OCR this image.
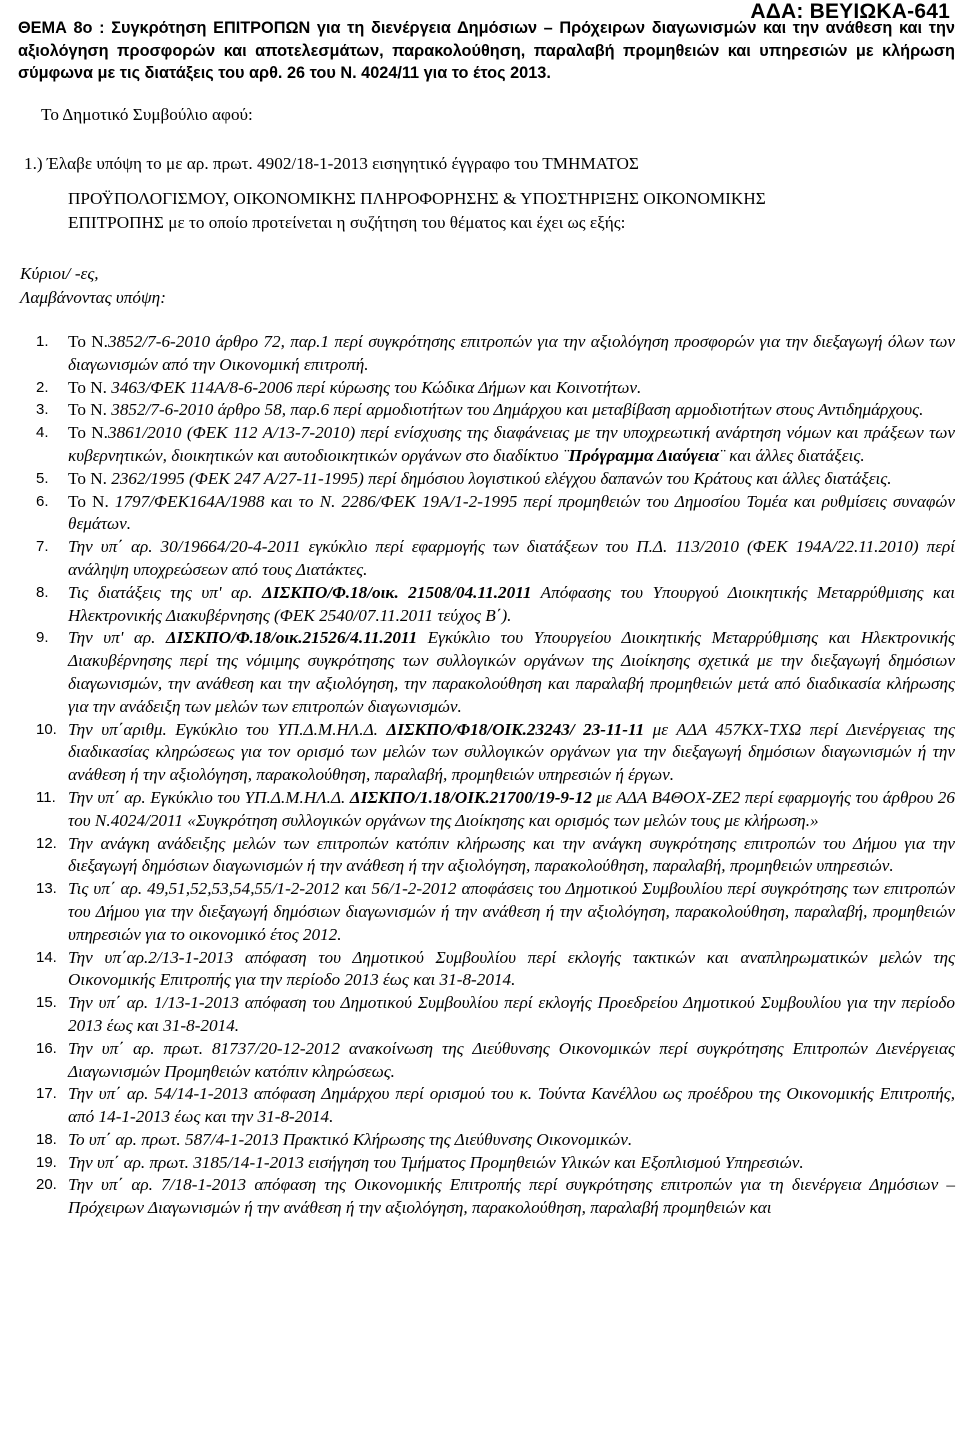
ΑΔΑ: ΒΕΥΙΩΚΑ-641
ΘΕΜΑ 8ο : Συγκρότηση ΕΠΙΤΡΟΠΩΝ για τη διενέργεια Δημόσιων – Πρόχειρων διαγωνισμών και την ανάθεση και την αξιολόγηση προσφορών και αποτελεσμάτων, παρακολούθηση, παραλαβή προμηθειών και υπηρεσιών με κλήρωση σύμφωνα με τις διατάξεις του αρθ. 26 του Ν. 4024/11 για το έτος 2013.
Το Δημοτικό Συμβούλιο αφού:
1.) Έλαβε υπόψη το με αρ. πρωτ. 4902/18-1-2013 εισηγητικό έγγραφο του ΤΜΗΜΑΤΟΣ

ΠΡΟΫΠΟΛΟΓΙΣΜΟΥ, ΟΙΚΟΝΟΜΙΚΗΣ ΠΛΗΡΟΦΟΡΗΣΗΣ & ΥΠΟΣΤΗΡΙΞΗΣ ΟΙΚΟΝΟΜΙΚΗΣ

ΕΠΙΤΡΟΠΗΣ με το οποίο προτείνεται η συζήτηση του θέματος και έχει ως εξής:

Κύριοι/ -ες,
Λαμβάνοντας υπόψη:
1. Το Ν.3852/7-6-2010 άρθρο 72, παρ.1 περί συγκρότησης επιτροπών για την αξιολόγηση προσφορών για την διεξαγωγή όλων των διαγωνισμών από την Οικονομική επιτροπή.
2. Το Ν. 3463/ΦΕΚ 114Α/8-6-2006 περί κύρωσης του Κώδικα Δήμων και Κοινοτήτων.
3. Το Ν. 3852/7-6-2010 άρθρο 58, παρ.6 περί αρμοδιοτήτων του Δημάρχου και μεταβίβαση αρμοδιοτήτων στους Αντιδημάρχους.
4. Το Ν.3861/2010 (ΦΕΚ 112 Α/13-7-2010) περί ενίσχυσης της διαφάνειας με την υποχρεωτική ανάρτηση νόμων και πράξεων των κυβερνητικών, διοικητικών και αυτοδιοικητικών οργάνων στο διαδίκτυο ¨Πρόγραμμα Διαύγεια¨ και άλλες διατάξεις.
5. Το Ν. 2362/1995 (ΦΕΚ 247 Α/27-11-1995) περί δημόσιου λογιστικού ελέγχου δαπανών του Κράτους και άλλες διατάξεις.
6. Το Ν. 1797/ΦΕΚ164Α/1988 και το Ν. 2286/ΦΕΚ 19Α/1-2-1995 περί προμηθειών του Δημοσίου Τομέα και ρυθμίσεις συναφών θεμάτων.
7. Την υπ΄ αρ. 30/19664/20-4-2011 εγκύκλιο περί εφαρμογής των διατάξεων του Π.Δ. 113/2010 (ΦΕΚ 194Α/22.11.2010) περί ανάληψη υποχρεώσεων από τους Διατάκτες.
8. Τις διατάξεις της υπ' αρ. ΔΙΣΚΠΟ/Φ.18/οικ. 21508/04.11.2011 Απόφασης του Υπουργού Διοικητικής Μεταρρύθμισης και Ηλεκτρονικής Διακυβέρνησης (ΦΕΚ 2540/07.11.2011 τεύχος Β΄).
9. Την υπ' αρ. ΔΙΣΚΠΟ/Φ.18/οικ.21526/4.11.2011 Εγκύκλιο του Υπουργείου Διοικητικής Μεταρρύθμισης και Ηλεκτρονικής Διακυβέρνησης περί της νόμιμης συγκρότησης των συλλογικών οργάνων της Διοίκησης σχετικά με την διεξαγωγή δημόσιων διαγωνισμών, την ανάθεση και την αξιολόγηση, την παρακολούθηση και παραλαβή προμηθειών μετά από διαδικασία κλήρωσης για την ανάδειξη των μελών των επιτροπών διαγωνισμών.
10. Την υπ΄αριθμ. Εγκύκλιο του ΥΠ.Δ.Μ.ΗΛ.Δ. ΔΙΣΚΠΟ/Φ18/ΟΙΚ.23243/ 23-11-11 με ΑΔΑ 457ΚΧ-ΤΧΩ περί Διενέργειας της διαδικασίας κληρώσεως για τον ορισμό των μελών των συλλογικών οργάνων για την διεξαγωγή δημόσιων διαγωνισμών ή την ανάθεση ή την αξιολόγηση, παρακολούθηση, παραλαβή, προμηθειών υπηρεσιών ή έργων.
11. Την υπ΄ αρ. Εγκύκλιο του ΥΠ.Δ.Μ.ΗΛ.Δ. ΔΙΣΚΠΟ/1.18/ΟΙΚ.21700/19-9-12 με ΑΔΑ Β4ΘΟΧ-ΖΕ2 περί εφαρμογής του άρθρου 26 του Ν.4024/2011 «Συγκρότηση συλλογικών οργάνων της Διοίκησης και ορισμός των μελών τους με κλήρωση.»
12. Την ανάγκη ανάδειξης μελών των επιτροπών κατόπιν κλήρωσης και την ανάγκη συγκρότησης επιτροπών του Δήμου για την διεξαγωγή δημόσιων διαγωνισμών ή την ανάθεση ή την αξιολόγηση, παρακολούθηση, παραλαβή, προμηθειών υπηρεσιών.
13. Τις υπ΄ αρ. 49,51,52,53,54,55/1-2-2012 και 56/1-2-2012 αποφάσεις του Δημοτικού Συμβουλίου περί συγκρότησης των επιτροπών του Δήμου για την διεξαγωγή δημόσιων διαγωνισμών ή την ανάθεση ή την αξιολόγηση, παρακολούθηση, παραλαβή, προμηθειών υπηρεσιών για το οικονομικό έτος 2012.
14. Την υπ΄αρ.2/13-1-2013 απόφαση του Δημοτικού Συμβουλίου περί εκλογής τακτικών και αναπληρωματικών μελών της Οικονομικής Επιτροπής για την περίοδο 2013 έως και 31-8-2014.
15. Την υπ΄ αρ. 1/13-1-2013 απόφαση του Δημοτικού Συμβουλίου περί εκλογής Προεδρείου Δημοτικού Συμβουλίου για την περίοδο 2013 έως και 31-8-2014.
16. Την υπ΄ αρ. πρωτ. 81737/20-12-2012 ανακοίνωση της Διεύθυνσης Οικονομικών περί συγκρότησης Επιτροπών Διενέργειας Διαγωνισμών Προμηθειών κατόπιν κληρώσεως.
17. Την υπ΄ αρ. 54/14-1-2013 απόφαση Δημάρχου περί ορισμού του κ. Τούντα Κανέλλου ως προέδρου της Οικονομικής Επιτροπής, από 14-1-2013 έως και την 31-8-2014.
18. Το υπ΄ αρ. πρωτ. 587/4-1-2013 Πρακτικό Κλήρωσης της Διεύθυνσης Οικονομικών.
19. Την υπ΄ αρ. πρωτ. 3185/14-1-2013 εισήγηση του Τμήματος Προμηθειών Υλικών και Εξοπλισμού Υπηρεσιών.
20. Την υπ΄ αρ. 7/18-1-2013 απόφαση της Οικονομικής Επιτροπής περί συγκρότησης επιτροπών για τη διενέργεια Δημόσιων – Πρόχειρων Διαγωνισμών ή την ανάθεση ή την αξιολόγηση, παρακολούθηση, παραλαβή προμηθειών και
